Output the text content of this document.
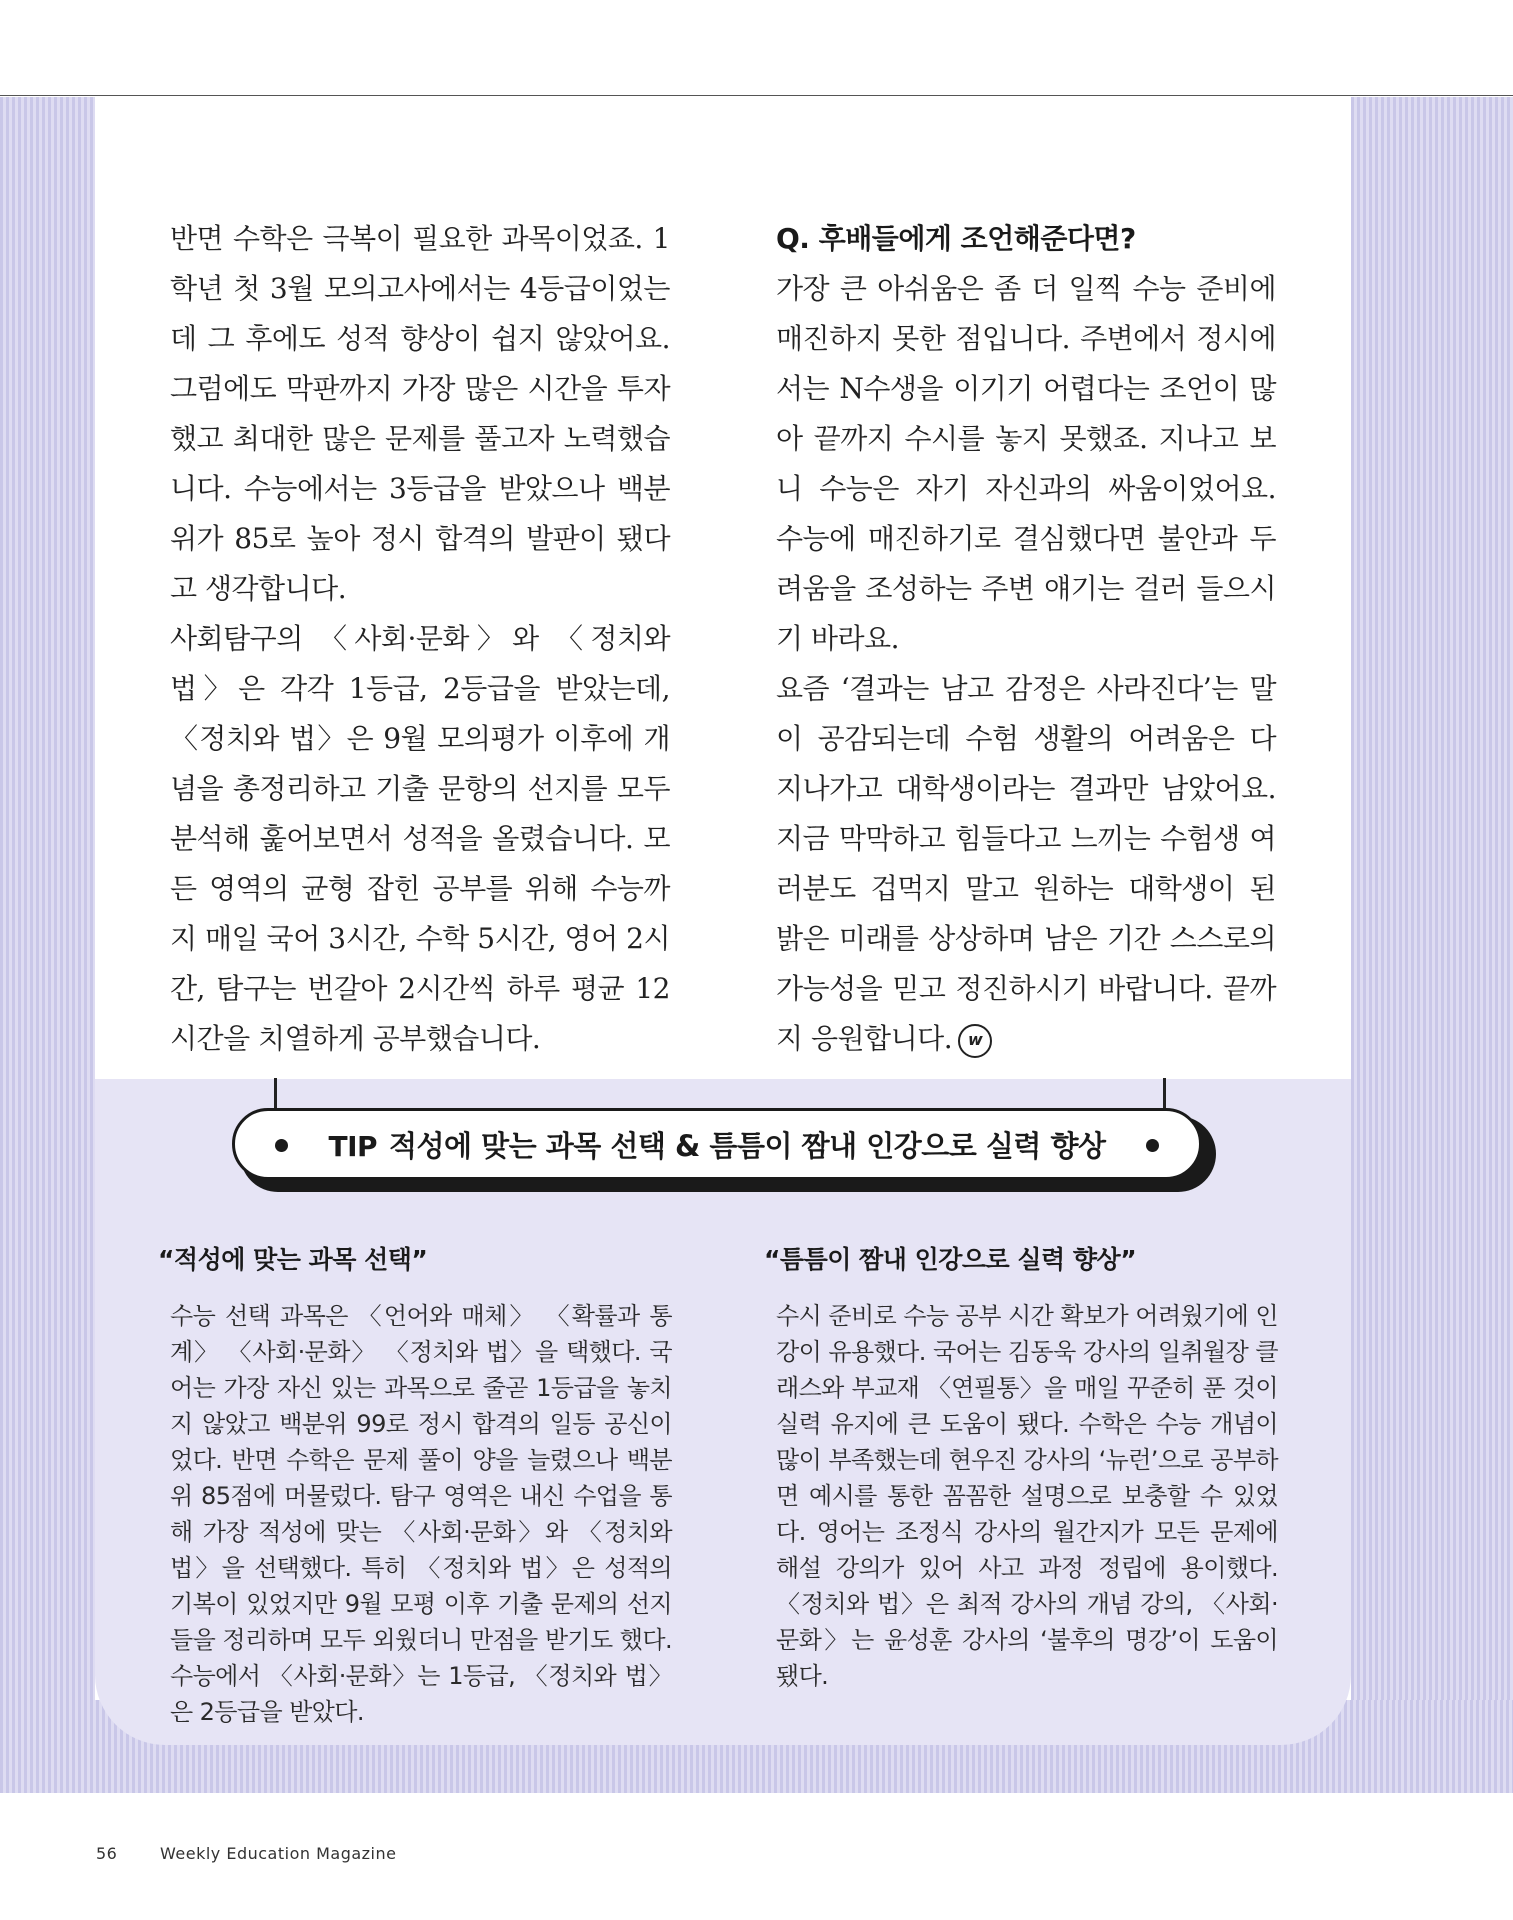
반면 수학은 극복이 필요한 과목이었죠. 1학년 첫 3월 모의고사에서는 4등급이었는데 그 후에도 성적 향상이 쉽지 않았어요. 그럼에도 막판까지 가장 많은 시간을 투자했고 최대한 많은 문제를 풀고자 노력했습니다. 수능에서는 3등급을 받았으나 백분위가 85로 높아 정시 합격의 발판이 됐다고 생각합니다.

사회탐구의 〈사회·문화〉와 〈정치와 법〉은 각각 1등급, 2등급을 받았는데, 〈정치와 법〉은 9월 모의평가 이후에 개념을 총정리하고 기출 문항의 선지를 모두 분석해 훑어보면서 성적을 올렸습니다. 모든 영역의 균형 잡힌 공부를 위해 수능까지 매일 국어 3시간, 수학 5시간, 영어 2시간, 탐구는 번갈아 2시간씩 하루 평균 12시간을 치열하게 공부했습니다.

Q. 후배들에게 조언해준다면?

가장 큰 아쉬움은 좀 더 일찍 수능 준비에 매진하지 못한 점입니다. 주변에서 정시에서는 N수생을 이기기 어렵다는 조언이 많아 끝까지 수시를 놓지 못했죠. 지나고 보니 수능은 자기 자신과의 싸움이었어요. 수능에 매진하기로 결심했다면 불안과 두려움을 조성하는 주변 얘기는 걸러 들으시기 바라요.

요즘 ‘결과는 남고 감정은 사라진다’는 말이 공감되는데 수험 생활의 어려움은 다 지나가고 대학생이라는 결과만 남았어요. 지금 막막하고 힘들다고 느끼는 수험생 여러분도 겁먹지 말고 원하는 대학생이 된 밝은 미래를 상상하며 남은 기간 스스로의 가능성을 믿고 정진하시기 바랍니다. 끝까지 응원합니다. w

TIP 적성에 맞는 과목 선택 & 틈틈이 짬내 인강으로 실력 향상

“적성에 맞는 과목 선택”

수능 선택 과목은 〈언어와 매체〉 〈확률과 통계〉 〈사회·문화〉 〈정치와 법〉을 택했다. 국어는 가장 자신 있는 과목으로 줄곧 1등급을 놓치지 않았고 백분위 99로 정시 합격의 일등 공신이었다. 반면 수학은 문제 풀이 양을 늘렸으나 백분위 85점에 머물렀다. 탐구 영역은 내신 수업을 통해 가장 적성에 맞는 〈사회·문화〉와 〈정치와 법〉을 선택했다. 특히 〈정치와 법〉은 성적의 기복이 있었지만 9월 모평 이후 기출 문제의 선지들을 정리하며 모두 외웠더니 만점을 받기도 했다. 수능에서 〈사회·문화〉는 1등급, 〈정치와 법〉은 2등급을 받았다.

“틈틈이 짬내 인강으로 실력 향상”

수시 준비로 수능 공부 시간 확보가 어려웠기에 인강이 유용했다. 국어는 김동욱 강사의 일취월장 클래스와 부교재 〈연필통〉을 매일 꾸준히 푼 것이 실력 유지에 큰 도움이 됐다. 수학은 수능 개념이 많이 부족했는데 현우진 강사의 ‘뉴런’으로 공부하면 예시를 통한 꼼꼼한 설명으로 보충할 수 있었다. 영어는 조정식 강사의 월간지가 모든 문제에 해설 강의가 있어 사고 과정 정립에 용이했다. 〈정치와 법〉은 최적 강사의 개념 강의, 〈사회·문화〉는 윤성훈 강사의 ‘불후의 명강’이 도움이 됐다.

56	Weekly Education Magazine
